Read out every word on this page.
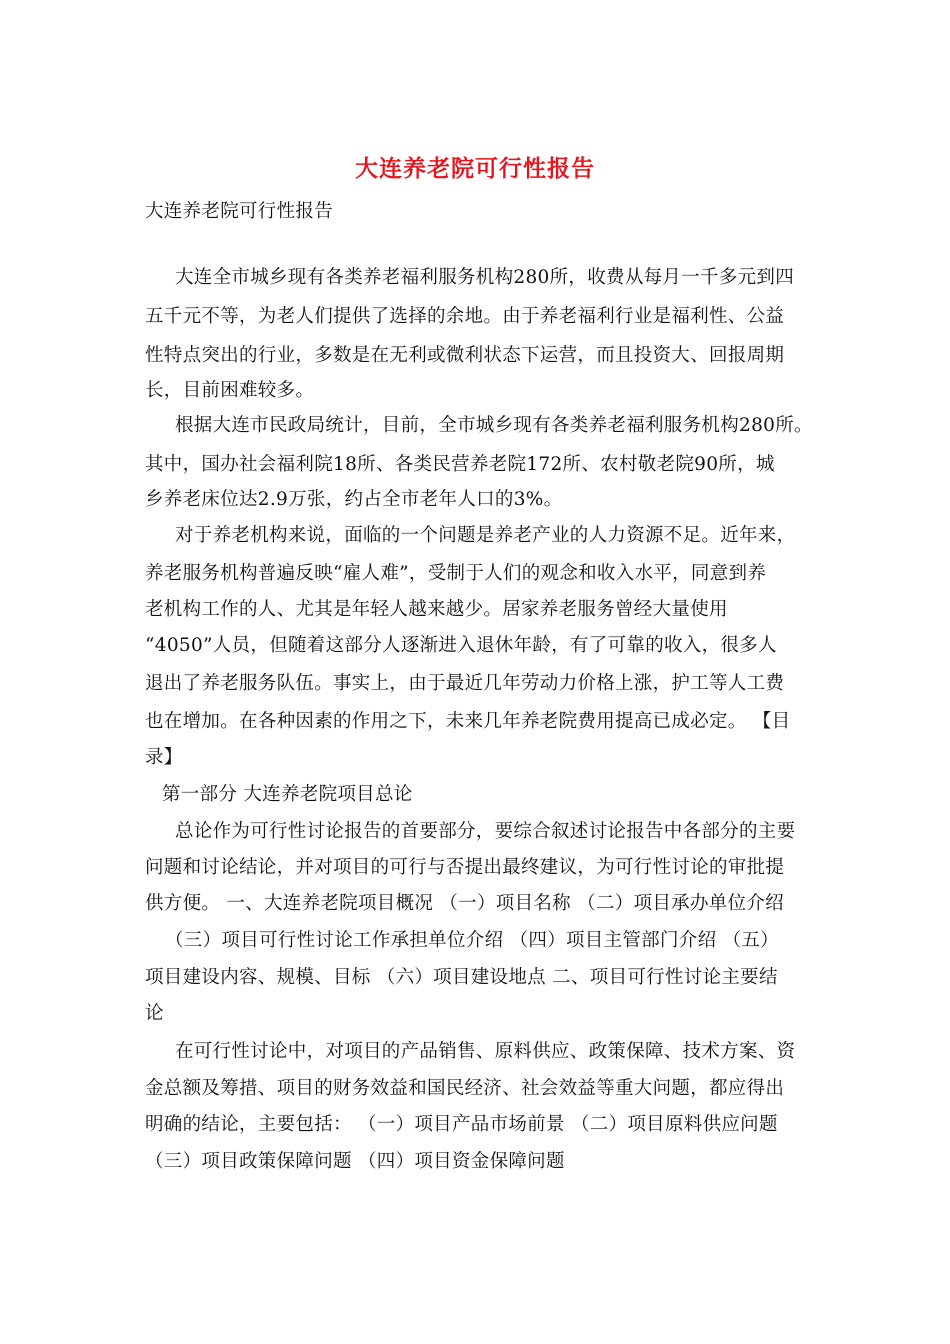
大连养老院可行性报告
大连养老院可行性报告
大连全市城乡现有各类养老福利服务机构280所，收费从每月一千多元到四
五千元不等，为老人们提供了选择的余地。由于养老福利行业是福利性、公益
性特点突出的行业，多数是在无利或微利状态下运营，而且投资大、回报周期
长，目前困难较多。
根据大连市民政局统计，目前，全市城乡现有各类养老福利服务机构280所。
其中，国办社会福利院18所、各类民营养老院172所、农村敬老院90所，城
乡养老床位达2.9万张，约占全市老年人口的3%。
对于养老机构来说，面临的一个问题是养老产业的人力资源不足。近年来，
养老服务机构普遍反映“雇人难”，受制于人们的观念和收入水平，同意到养
老机构工作的人、尤其是年轻人越来越少。居家养老服务曾经大量使用
“4050”人员，但随着这部分人逐渐进入退休年龄，有了可靠的收入，很多人
退出了养老服务队伍。事实上，由于最近几年劳动力价格上涨，护工等人工费
也在增加。在各种因素的作用之下，未来几年养老院费用提高已成必定。 【目
录】
第一部分 大连养老院项目总论
总论作为可行性讨论报告的首要部分，要综合叙述讨论报告中各部分的主要
问题和讨论结论，并对项目的可行与否提出最终建议，为可行性讨论的审批提
供方便。 一、大连养老院项目概况 （一）项目名称 （二）项目承办单位介绍
（三）项目可行性讨论工作承担单位介绍 （四）项目主管部门介绍 （五）
项目建设内容、规模、目标 （六）项目建设地点 二、项目可行性讨论主要结
论
在可行性讨论中，对项目的产品销售、原料供应、政策保障、技术方案、资
金总额及筹措、项目的财务效益和国民经济、社会效益等重大问题，都应得出
明确的结论，主要包括： （一）项目产品市场前景 （二）项目原料供应问题
（三）项目政策保障问题 （四）项目资金保障问题
